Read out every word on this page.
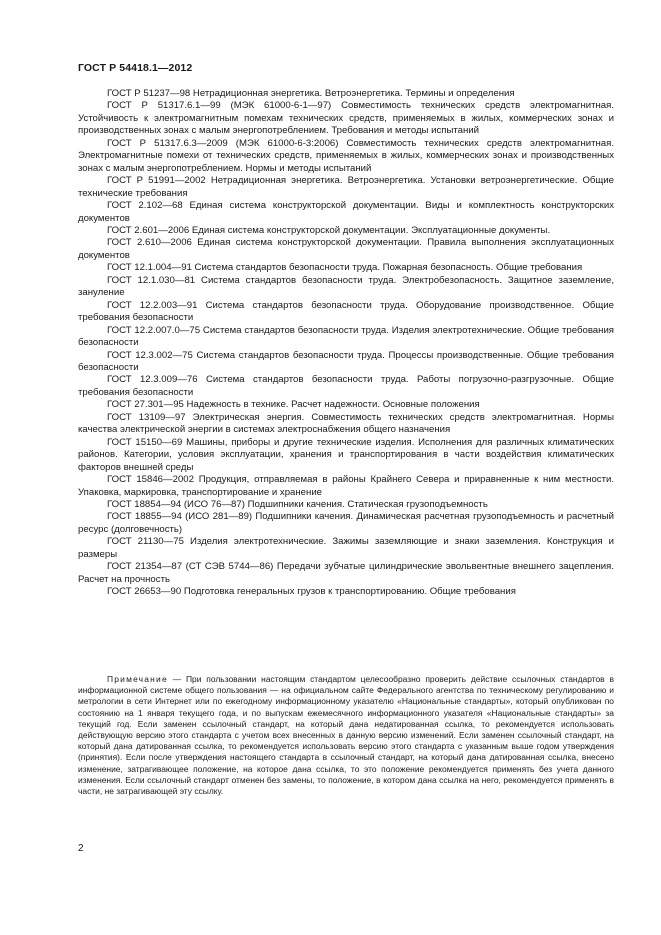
ГОСТ Р 54418.1—2012

ГОСТ Р 51237—98 Нетрадиционная энергетика. Ветроэнергетика. Термины и определения

ГОСТ Р 51317.6.1—99 (МЭК 61000-6-1—97) Совместимость технических средств электромагнитная. Устойчивость к электромагнитным помехам технических средств, применяемых в жилых, коммерческих зонах и производственных зонах с малым энергопотреблением. Требования и методы испытаний

ГОСТ Р 51317.6.3—2009 (МЭК 61000-6-3:2006) Совместимость технических средств электромагнитная. Электромагнитные помехи от технических средств, применяемых в жилых, коммерческих зонах и производственных зонах с малым энергопотреблением. Нормы и методы испытаний

ГОСТ Р 51991—2002 Нетрадиционная энергетика. Ветроэнергетика. Установки ветроэнергетические. Общие технические требования

ГОСТ 2.102—68 Единая система конструкторской документации. Виды и комплектность конструкторских документов

ГОСТ 2.601—2006 Единая система конструкторской документации. Эксплуатационные документы.

ГОСТ 2.610—2006 Единая система конструкторской документации. Правила выполнения эксплуатационных документов

ГОСТ 12.1.004—91 Система стандартов безопасности труда. Пожарная безопасность. Общие требования

ГОСТ 12.1.030—81 Система стандартов безопасности труда. Электробезопасность. Защитное заземление, зануление

ГОСТ 12.2.003—91 Система стандартов безопасности труда. Оборудование производственное. Общие требования безопасности

ГОСТ 12.2.007.0—75 Система стандартов безопасности труда. Изделия электротехнические. Общие требования безопасности

ГОСТ 12.3.002—75 Система стандартов безопасности труда. Процессы производственные. Общие требования безопасности

ГОСТ 12.3.009—76 Система стандартов безопасности труда. Работы погрузочно-разгрузочные. Общие требования безопасности

ГОСТ 27.301—95 Надежность в технике. Расчет надежности. Основные положения

ГОСТ 13109—97 Электрическая энергия. Совместимость технических средств электромагнитная. Нормы качества электрической энергии в системах электроснабжения общего назначения

ГОСТ 15150—69 Машины, приборы и другие технические изделия. Исполнения для различных климатических районов. Категории, условия эксплуатации, хранения и транспортирования в части воздействия климатических факторов внешней среды

ГОСТ 15846—2002 Продукция, отправляемая в районы Крайнего Севера и приравненные к ним местности. Упаковка, маркировка, транспортирование и хранение

ГОСТ 18854—94 (ИСО 76—87) Подшипники качения. Статическая грузоподъемность

ГОСТ 18855—94 (ИСО 281—89) Подшипники качения. Динамическая расчетная грузоподъемность и расчетный ресурс (долговечность)

ГОСТ 21130—75 Изделия электротехнические. Зажимы заземляющие и знаки заземления. Конструкция и размеры

ГОСТ 21354—87 (СТ СЭВ 5744—86) Передачи зубчатые цилиндрические эвольвентные внешнего зацепления. Расчет на прочность

ГОСТ 26653—90 Подготовка генеральных грузов к транспортированию. Общие требования

Примечание — При пользовании настоящим стандартом целесообразно проверить действие ссылочных стандартов в информационной системе общего пользования — на официальном сайте Федерального агентства по техническому регулированию и метрологии в сети Интернет или по ежегодному информационному указателю «Национальные стандарты», который опубликован по состоянию на 1 января текущего года, и по выпускам ежемесячного информационного указателя «Национальные стандарты» за текущий год. Если заменен ссылочный стандарт, на который дана недатированная ссылка, то рекомендуется использовать действующую версию этого стандарта с учетом всех внесенных в данную версию изменений. Если заменен ссылочный стандарт, на который дана датированная ссылка, то рекомендуется использовать версию этого стандарта с указанным выше годом утверждения (принятия). Если после утверждения настоящего стандарта в ссылочный стандарт, на который дана датированная ссылка, внесено изменение, затрагивающее положение, на которое дана ссылка, то это положение рекомендуется применять без учета данного изменения. Если ссылочный стандарт отменен без замены, то положение, в котором дана ссылка на него, рекомендуется применять в части, не затрагивающей эту ссылку.

2
